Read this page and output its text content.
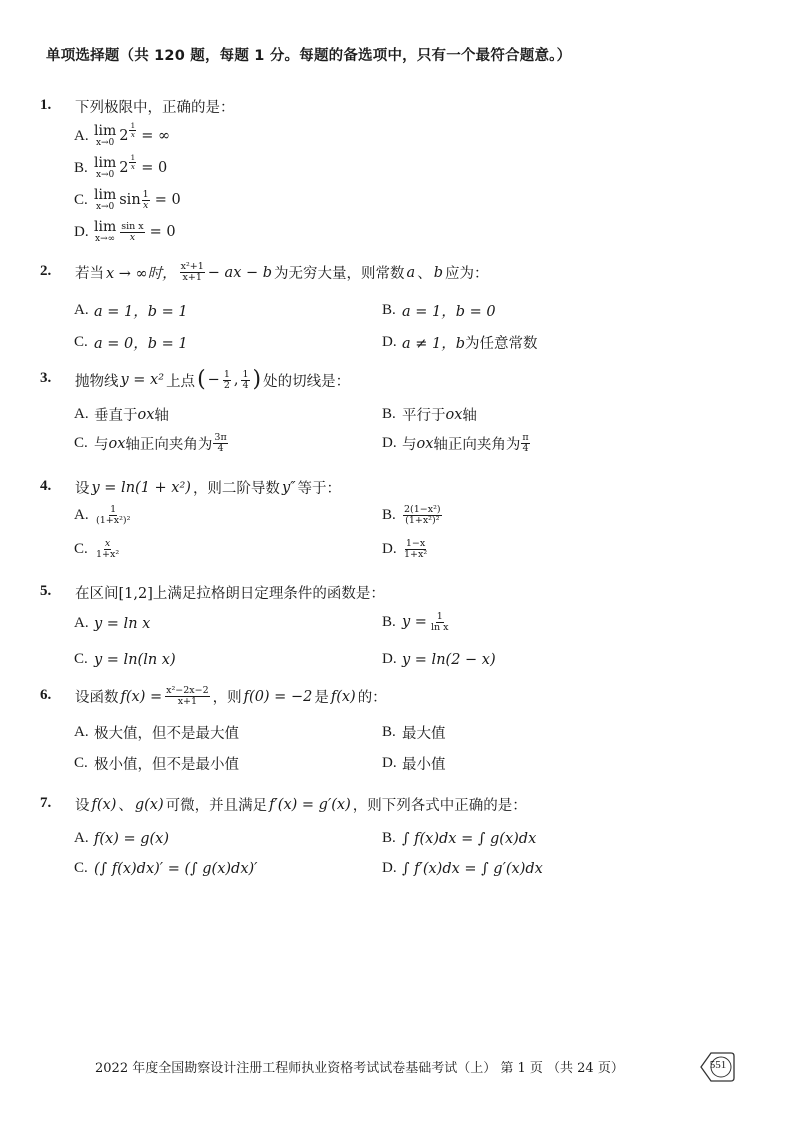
单项选择题（共 120 题，每题 1 分。每题的备选项中，只有一个最符合题意。）
1. 下列极限中，正确的是：
A. lim
x→0 $2 \frac{1}{x}$ = ∞
B. lim
x→0 $2 \frac{1}{x} = 0$
C. lim
x→0 $\sin \frac{1}{x} = 0$
D. lim
$x\to\infty \frac{\text{sin x}}{x} = 0$
2. 若当 x → ∞时， $\frac{\text{x²+1}}{x+1}$ − ax − b 为无穷大量，则常数 a 、 b 应为：
A. a = 1，b = 1	B. a = 1，b = 0
C. a = 0，b = 1	D. a ≠ 1，b 为任意常数
3. 抛物线 y = x² 上点 ( − $\frac{1}{2}$ , $\frac{1}{4}$ ) 处的切线是：
A. 垂直于 ox 轴	B. 平行于 ox 轴
C. 与 ox 轴正向夹角为 $\frac{3\pi}{4}$	D. 与 ox 轴正向夹角为 $\frac{\pi}{4}$
4. 设 y = ln(1 + x²) ，则二阶导数 y″ 等于：
A. $\frac{1}{\text{(1+x²)²}}$	B. $\frac{\text{2(1−x²)}}{\text{(1+x²)²}}$
C. $\frac{x}{\text{1+x²}}$	D. $\frac{1-x}{\text{1+x²}}$
5. 在区间[1,2]上满足拉格朗日定理条件的函数是：
A. y = ln x	B. $y = \frac{1}{\text{ln x}}$
C. y = ln(ln x)	D. y = ln(2 − x)
6. 设函数 $f(x) = \frac{\text{x²−2x−2}}{x+1}$ ，则 f(0) = −2 是 f(x) 的：
A. 极大值，但不是最大值	B. 最大值
C. 极小值，但不是最小值	D. 最小值
7. 设 f(x) 、 g(x) 可微，并且满足 f′(x) = g′(x) ，则下列各式中正确的是：
A. f(x) = g(x)	B. ∫ f(x)dx = ∫ g(x)dx
C. (∫ f(x)dx)′ = (∫ g(x)dx)′	D. ∫ f′(x)dx = ∫ g′(x)dx
2022 年度全国勘察设计注册工程师执业资格考试试卷基础考试（上） 第 1 页 （共 24 页）	551
